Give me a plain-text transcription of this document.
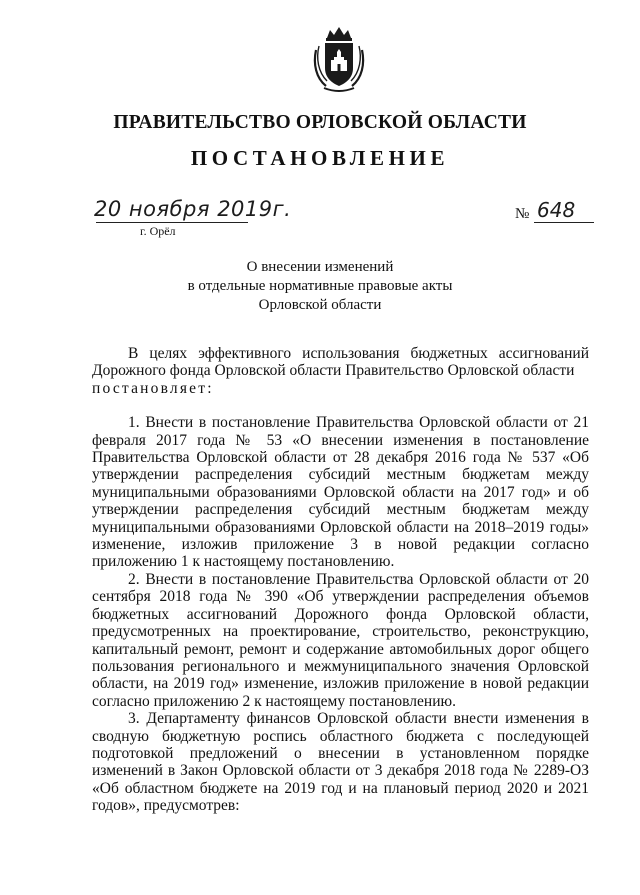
ПРАВИТЕЛЬСТВО ОРЛОВСКОЙ ОБЛАСТИ
ПОСТАНОВЛЕНИЕ
20 ноября 2019г.
г. Орёл
№ 648
О внесении изменений
в отдельные нормативные правовые акты
Орловской области

В целях эффективного использования бюджетных ассигнований Дорожного фонда Орловской области Правительство Орловской области

постановляет:

1. Внести в постановление Правительства Орловской области от 21 февраля 2017 года № 53 «О внесении изменения в постановление Правительства Орловской области от 28 декабря 2016 года № 537 «Об утверждении распределения субсидий местным бюджетам между муниципальными образованиями Орловской области на 2017 год» и об утверждении распределения субсидий местным бюджетам между муниципальными образованиями Орловской области на 2018–2019 годы» изменение, изложив приложение 3 в новой редакции согласно приложению 1 к настоящему постановлению.

2. Внести в постановление Правительства Орловской области от 20 сентября 2018 года № 390 «Об утверждении распределения объемов бюджетных ассигнований Дорожного фонда Орловской области, предусмотренных на проектирование, строительство, реконструкцию, капитальный ремонт, ремонт и содержание автомобильных дорог общего пользования регионального и межмуниципального значения Орловской области, на 2019 год» изменение, изложив приложение в новой редакции согласно приложению 2 к настоящему постановлению.

3. Департаменту финансов Орловской области внести изменения в сводную бюджетную роспись областного бюджета с последующей подготовкой предложений о внесении в установленном порядке изменений в Закон Орловской области от 3 декабря 2018 года № 2289-ОЗ «Об областном бюджете на 2019 год и на плановый период 2020 и 2021 годов», предусмотрев:
